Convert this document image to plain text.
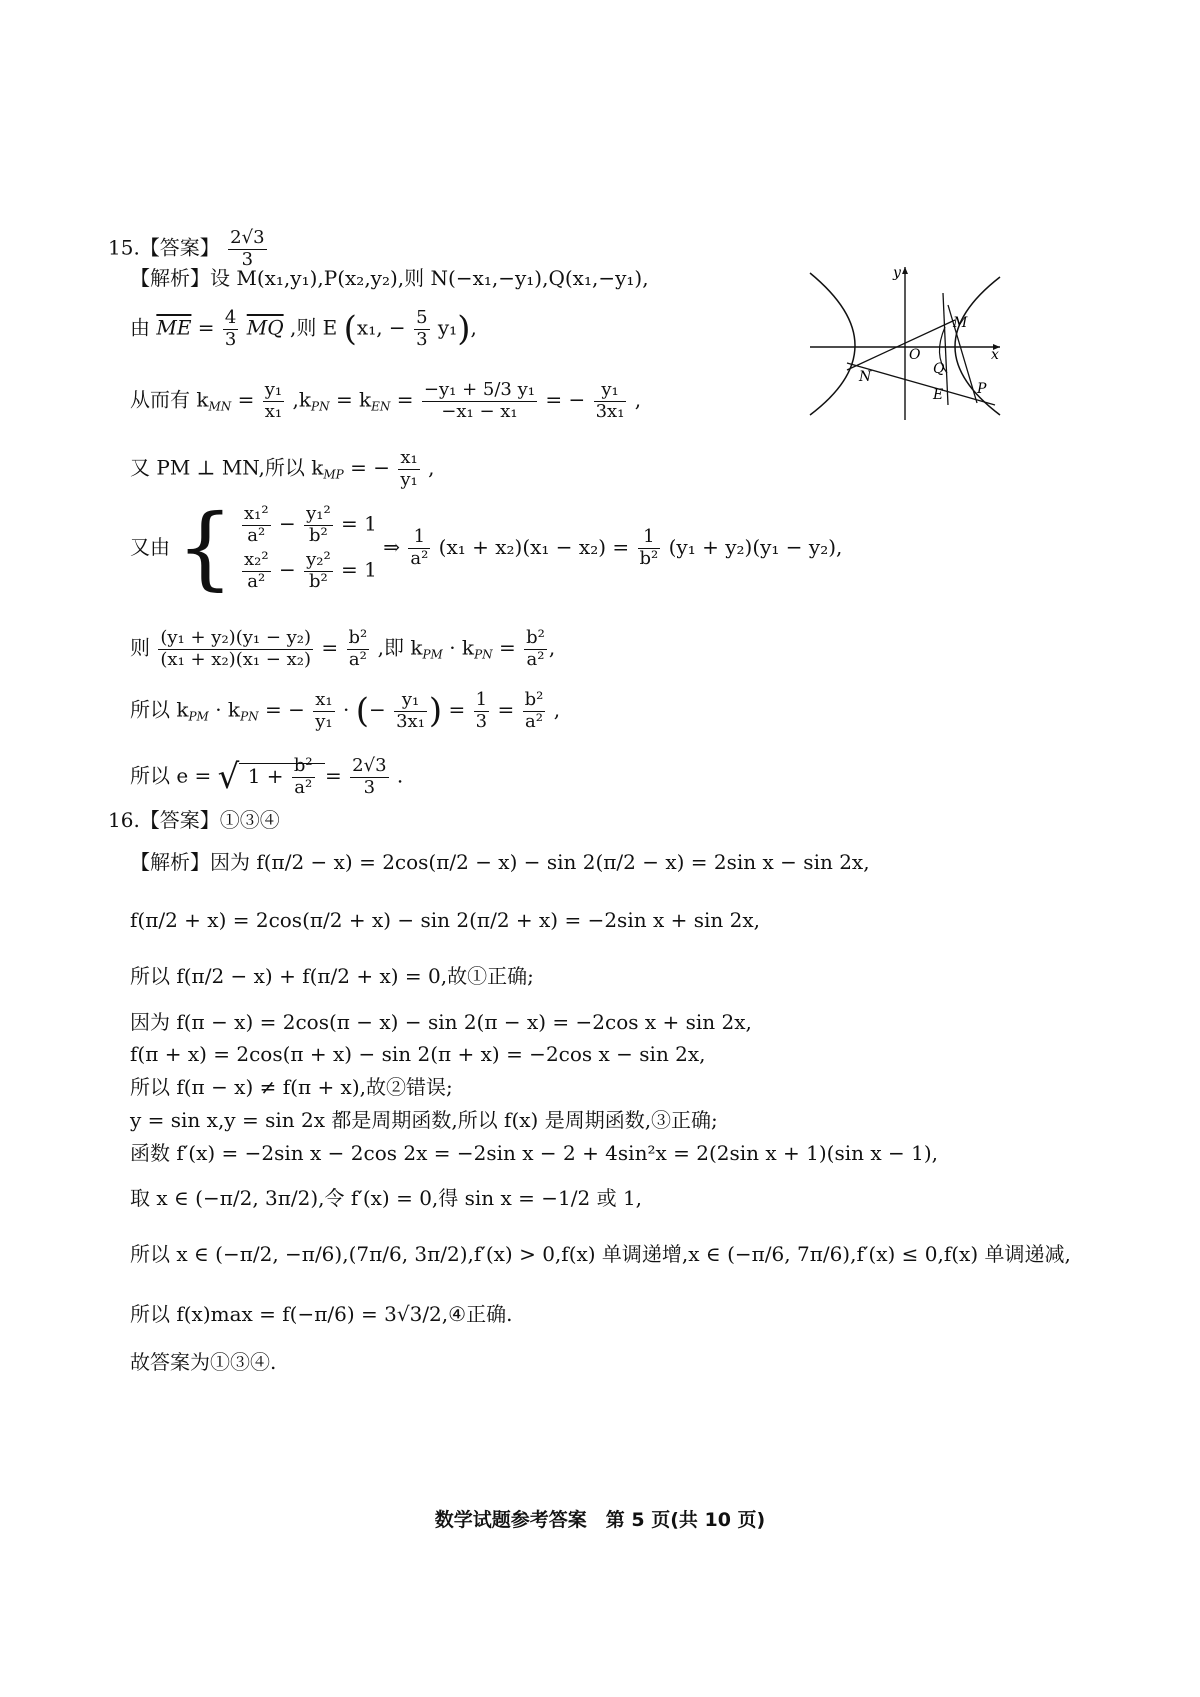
15.【答案】 $\frac{2√3}{3}$
【解析】设 M(x₁,y₁),P(x₂,y₂),则 N(−x₁,−y₁),Q(x₁,−y₁),
由 $\overline{ME} = \frac{4}{3} \overline{MQ}$ ,则 E (x₁, − $\frac{5}{3} y_1$),
从而有 $k_{MN} = \frac{\text{y₁}}{\text{x₁}} ,k_{PN} = k_{EN} = \frac{\text{−y₁ + 5/3 y₁}}{\text{−x₁ − x₁}}$ = − $\frac{\text{y₁}}{\text{3x₁}}$ ,
又 PM ⊥ MN,所以 $k_{MP}$ = − $\frac{\text{x₁}}{\text{y₁}}$ ,
又由 { $\frac{\text{x₁²}}{\text{a²}} - \frac{\text{y₁²}}{\text{b²}} = 1$
$\frac{\text{x₂²}}{\text{a²}} - \frac{\text{y₂²}}{\text{b²}} = 1$
⇒ $\frac{1}{\text{a²}} (x_1 + x_2)(x_1 - x_2) = \frac{1}{\text{b²}} (y_1 + y_2)(y_1 - y_2)$,
则 $\frac{\text{(y₁ + y₂)(y₁ − y₂)}}{\text{(x₁ + x₂)(x₁ − x₂)}} = \frac{\text{b²}}{\text{a²}}$ ,即 $k_{PM} \cdot k_{PN} = \frac{\text{b²}}{\text{a²}}$ ,
所以 $k_{PM} \cdot k_{PN}$ = − $\frac{\text{x₁}}{\text{y₁}}$ · (− $\frac{\text{y₁}}{\text{3x₁}}$ ) = $\frac{1}{3} = \frac{\text{b²}}{\text{a²}}$ ,
所以 e = √ $1 + \frac{\text{b²}}{\text{a²}} = \frac{2√3}{3}$ .
16.【答案】①③④
【解析】因为 f(π/2 − x) = 2cos(π/2 − x) − sin 2(π/2 − x) = 2sin x − sin 2x,
f(π/2 + x) = 2cos(π/2 + x) − sin 2(π/2 + x) = −2sin x + sin 2x,
所以 f(π/2 − x) + f(π/2 + x) = 0,故①正确;
因为 f(π − x) = 2cos(π − x) − sin 2(π − x) = −2cos x + sin 2x,
f(π + x) = 2cos(π + x) − sin 2(π + x) = −2cos x − sin 2x,
所以 f(π − x) ≠ f(π + x),故②错误;
y = sin x,y = sin 2x 都是周期函数,所以 f(x) 是周期函数,③正确;
函数 f′(x) = −2sin x − 2cos 2x = −2sin x − 2 + 4sin²x = 2(2sin x + 1)(sin x − 1),
取 x ∈ (−π/2, 3π/2),令 f′(x) = 0,得 sin x = −1/2 或 1,
所以 x ∈ (−π/2, −π/6),(7π/6, 3π/2),f′(x) > 0,f(x) 单调递增,x ∈ (−π/6, 7π/6),f′(x) ≤ 0,f(x) 单调递减,
所以 f(x)max = f(−π/6) = 3√3/2,④正确.
故答案为①③④.
y
x
O
M
N	Q
P
E
数学试题参考答案　第 5 页(共 10 页)
